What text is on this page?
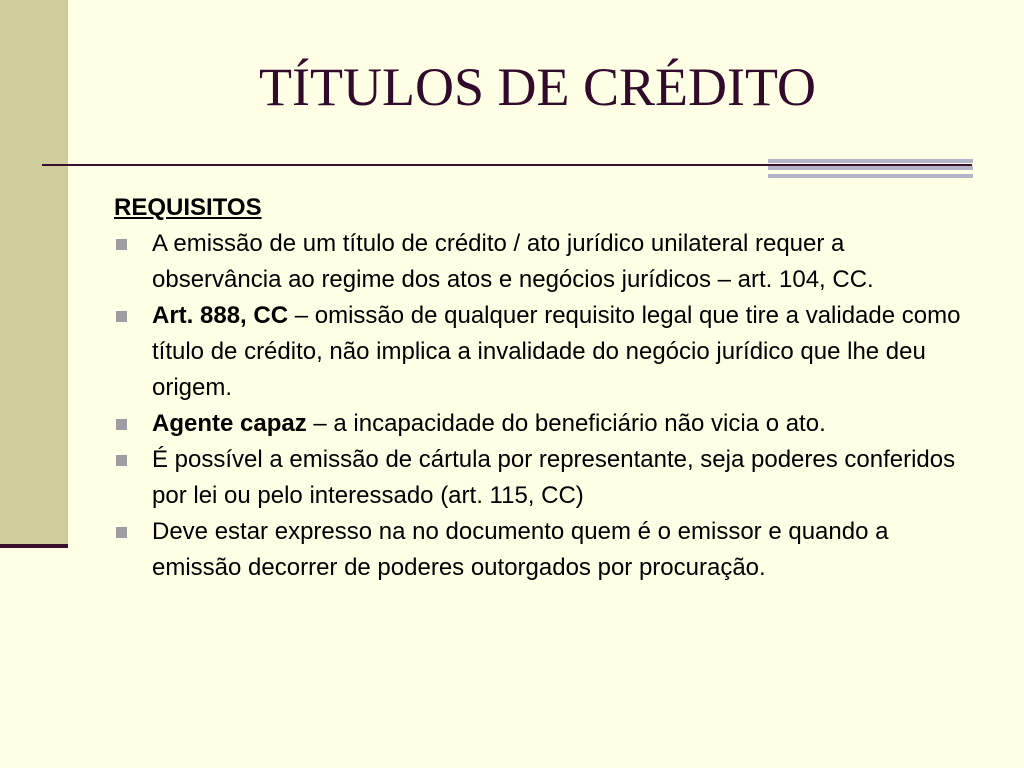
TÍTULOS DE CRÉDITO
REQUISITOS
A emissão de um título de crédito / ato jurídico unilateral requer a observância ao regime dos atos e negócios jurídicos – art. 104, CC.
Art. 888, CC – omissão de qualquer requisito legal que tire a validade como título de crédito, não implica a invalidade do negócio jurídico que lhe deu origem.
Agente capaz – a incapacidade do beneficiário não vicia o ato.
É possível a emissão de cártula por representante, seja poderes conferidos por lei ou pelo interessado (art. 115, CC)
Deve estar expresso na no documento quem é o emissor e quando a emissão decorrer de poderes outorgados por procuração.
